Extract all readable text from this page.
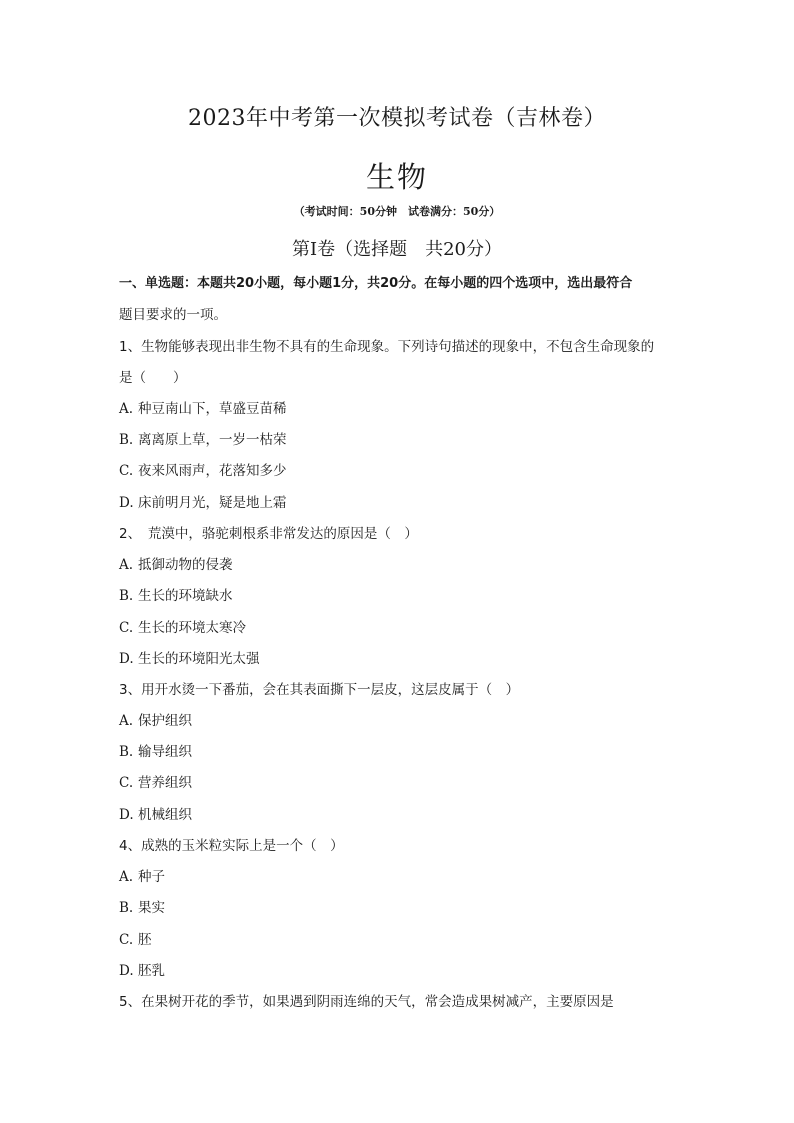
2023年中考第一次模拟考试卷（吉林卷）
生物
（考试时间：50分钟　试卷满分：50分）
第Ⅰ卷（选择题　共20分）
一、单选题：本题共20小题，每小题1分，共20分。在每小题的四个选项中，选出最符合
题目要求的一项。
1、生物能够表现出非生物不具有的生命现象。下列诗句描述的现象中，不包含生命现象的
是（　　）
A. 种豆南山下，草盛豆苗稀
B. 离离原上草，一岁一枯荣
C. 夜来风雨声，花落知多少
D. 床前明月光，疑是地上霜
2、　荒漠中，骆驼刺根系非常发达的原因是（　）
A. 抵御动物的侵袭
B. 生长的环境缺水
C. 生长的环境太寒冷
D. 生长的环境阳光太强
3、用开水烫一下番茄，会在其表面撕下一层皮，这层皮属于（　）
A. 保护组织
B. 输导组织
C. 营养组织
D. 机械组织
4、成熟的玉米粒实际上是一个（　）
A. 种子
B. 果实
C. 胚
D. 胚乳
5、在果树开花的季节，如果遇到阴雨连绵的天气，常会造成果树减产，主要原因是
